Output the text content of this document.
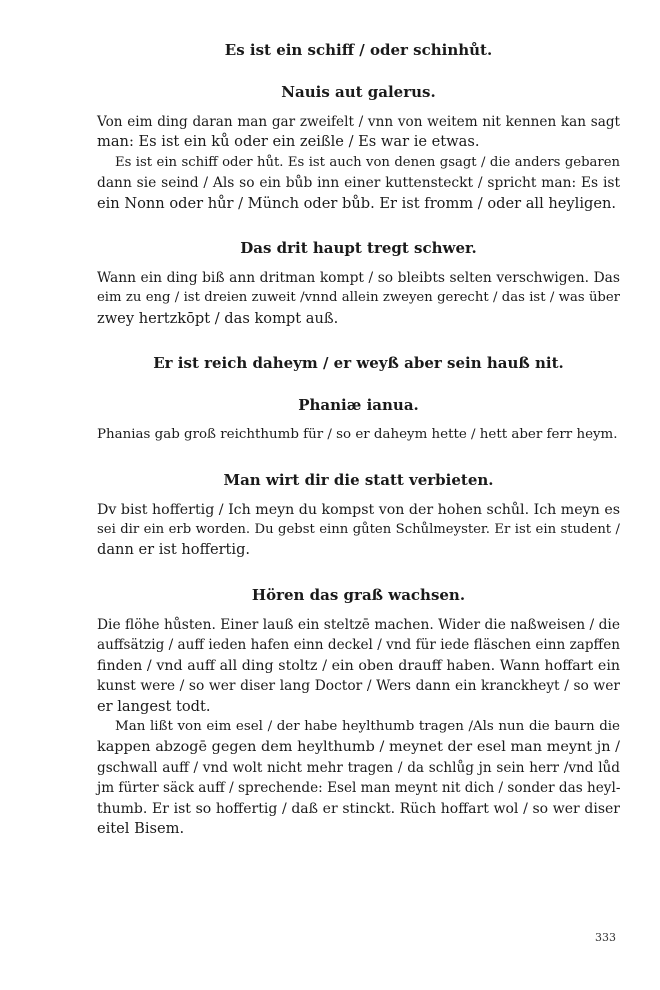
Es ist ein schiff / oder schinhůt.
Nauis aut galerus.
Von eim ding daran man gar zweifelt / vnn von weitem nit kennen kan sagt
man: Es ist ein ků oder ein zeißle / Es war ie etwas.
Es ist ein schiff oder hůt. Es ist auch von denen gsagt / die anders gebaren
dann sie seind / Als so ein bůb inn einer kuttensteckt / spricht man: Es ist
ein Nonn oder hůr / Münch oder bůb. Er ist fromm / oder all heyligen.
Das drit haupt tregt schwer.
Wann ein ding biß ann dritman kompt / so bleibts selten verschwigen. Das
eim zu eng / ist dreien zuweit /vnnd allein zweyen gerecht / das ist / was über
zwey hertzkōpt / das kompt auß.
Er ist reich daheym / er weyß aber sein hauß nit.
Phaniæ ianua.
Phanias gab groß reichthumb für / so er daheym hette / hett aber ferr heym.
Man wirt dir die statt verbieten.
Dv bist hoffertig / Ich meyn du kompst von der hohen schůl. Ich meyn es
sei dir ein erb worden. Du gebst einn gůten Schůlmeyster. Er ist ein student /
dann er ist hoffertig.
Hören das graß wachsen.
Die flöhe hůsten. Einer lauß ein steltzē machen. Wider die naßweisen / die
auffsätzig / auff ieden hafen einn deckel / vnd für iede fläschen einn zapffen
finden / vnd auff all ding stoltz / ein oben drauff haben. Wann hoffart ein
kunst were / so wer diser lang Doctor / Wers dann ein kranckheyt / so wer
er langest todt.
Man lißt von eim esel / der habe heylthumb tragen /Als nun die baurn die
kappen abzogē gegen dem heylthumb / meynet der esel man meynt jn /
gschwall auff / vnd wolt nicht mehr tragen / da schlůg jn sein herr /vnd lůd
jm fürter säck auff / sprechende: Esel man meynt nit dich / sonder das heyl-
thumb. Er ist so hoffertig / daß er stinckt. Rüch hoffart wol / so wer diser
eitel Bisem.
333
